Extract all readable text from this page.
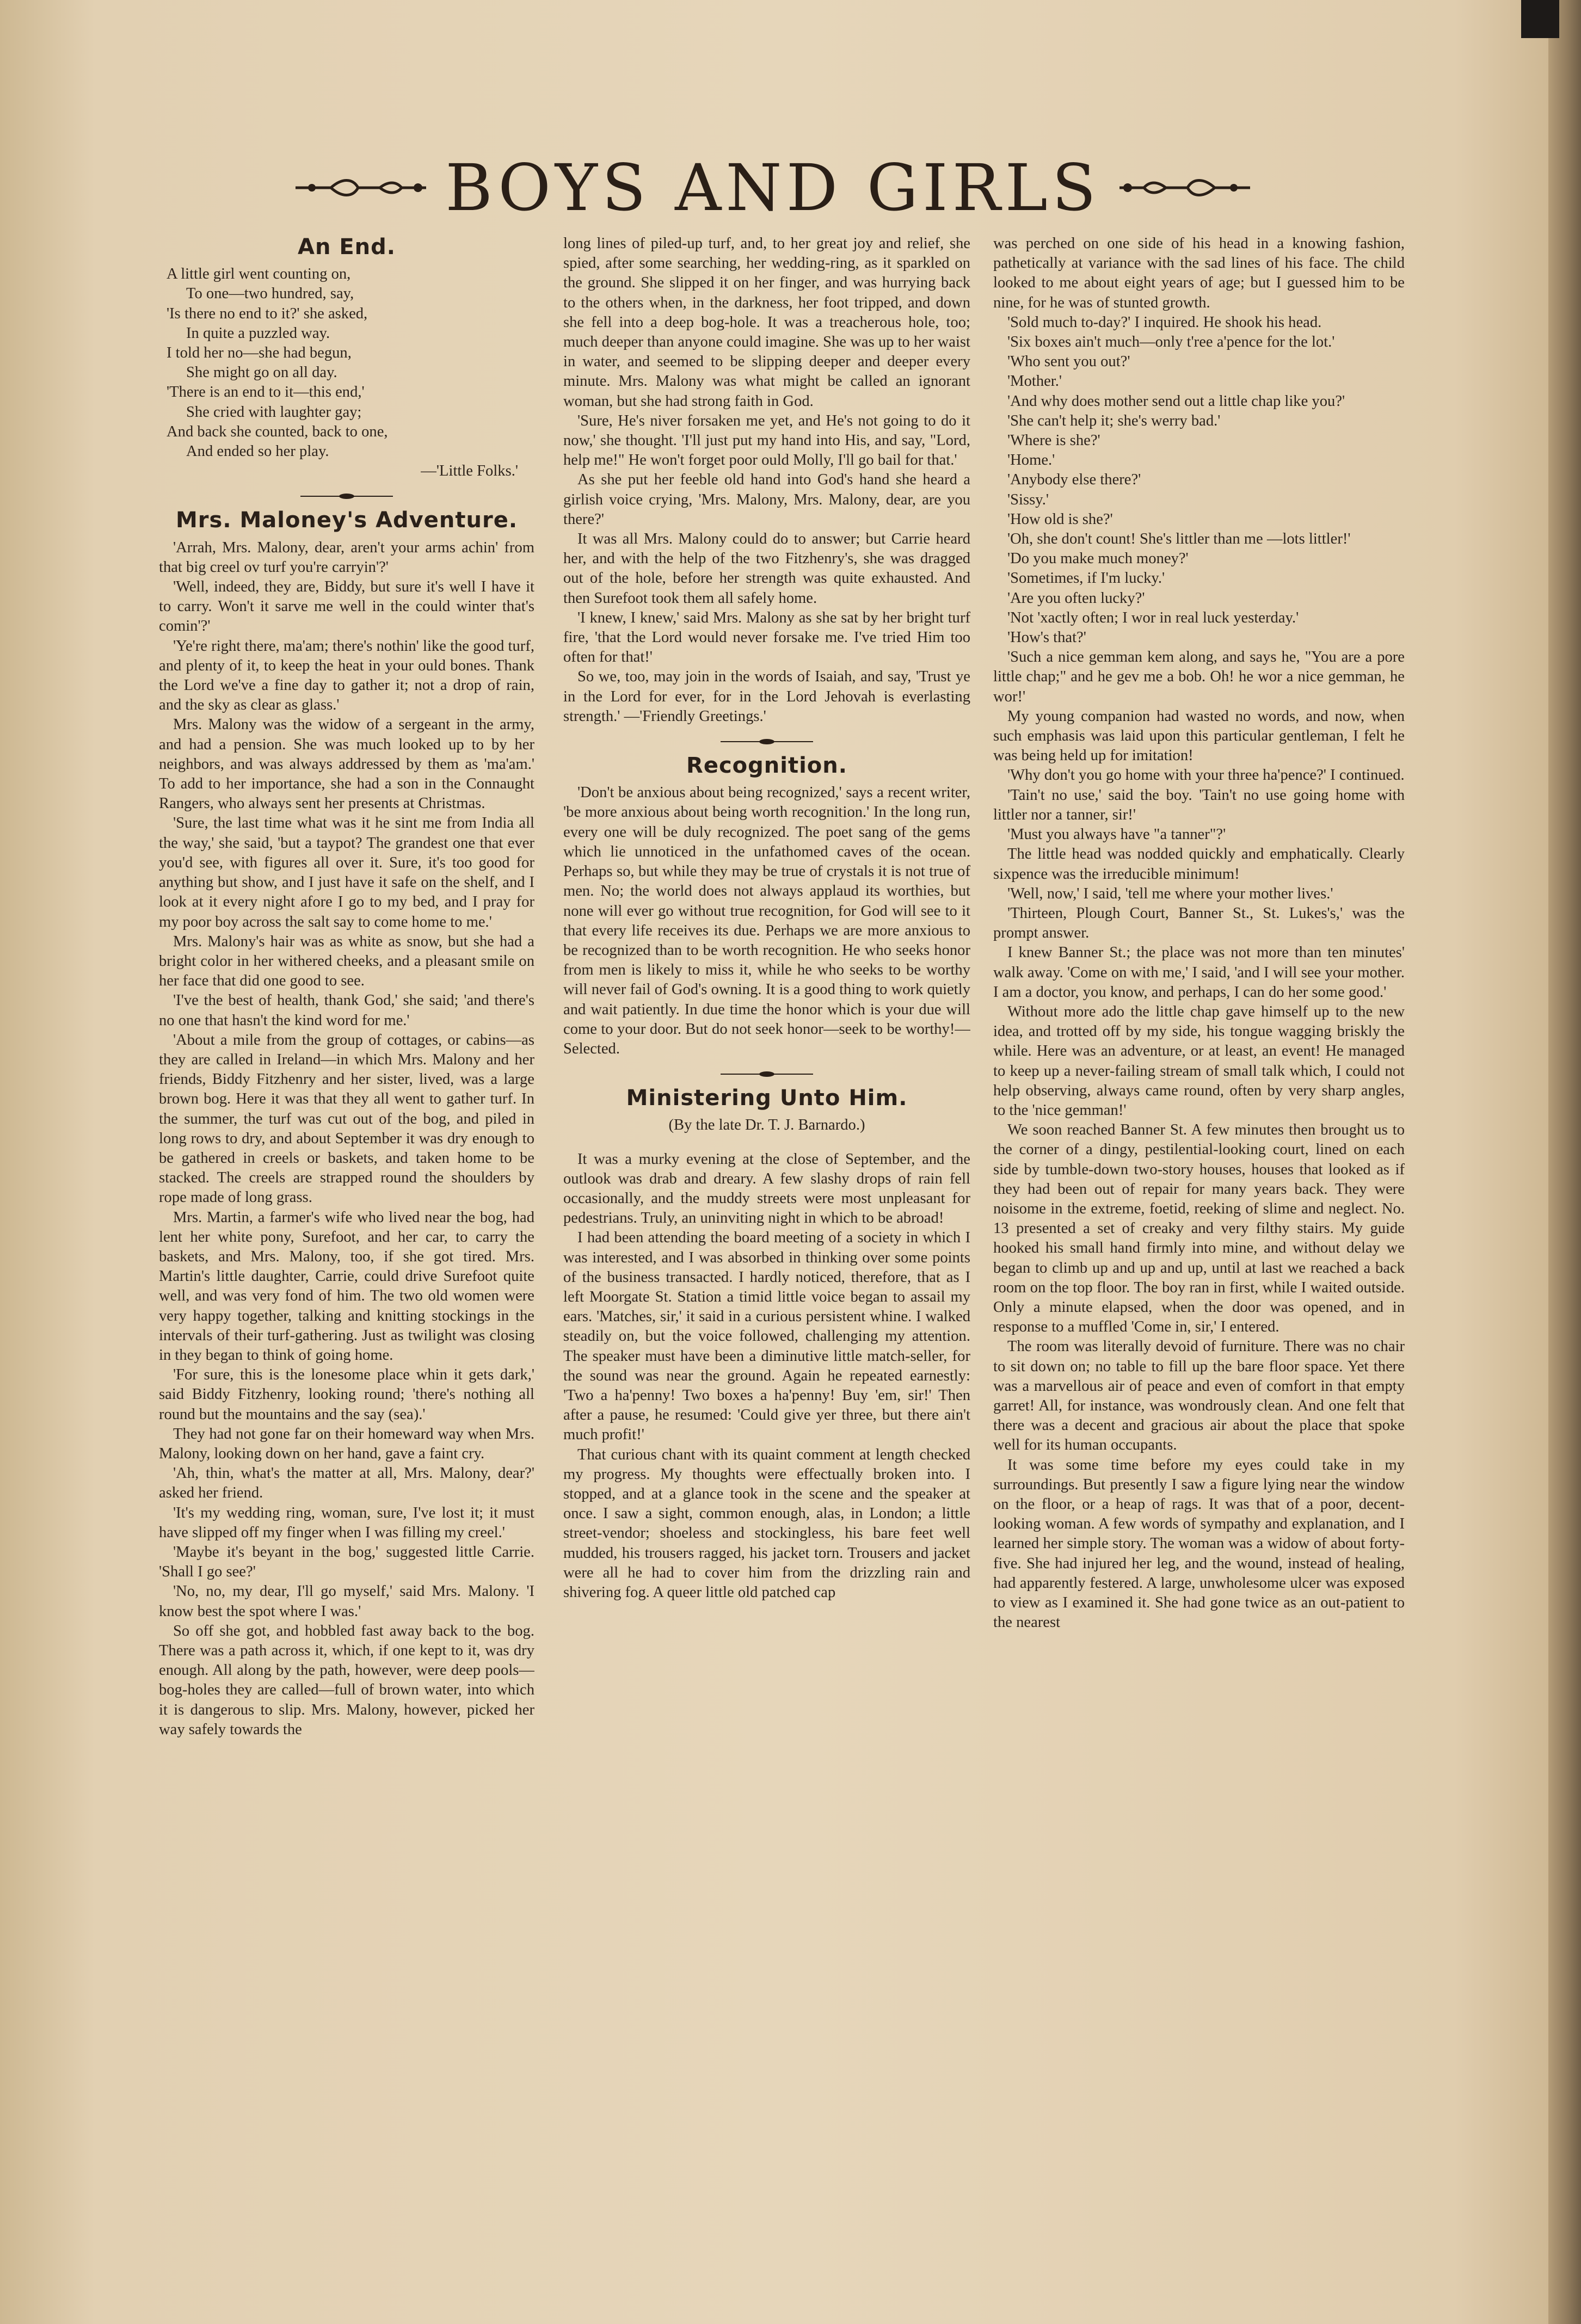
BOYS AND GIRLS
An End.
A little girl went counting on,
To one—two hundred, say,
'Is there no end to it?' she asked,
In quite a puzzled way.
I told her no—she had begun,
She might go on all day.
'There is an end to it—this end,'
She cried with laughter gay;
And back she counted, back to one,
And ended so her play.
—'Little Folks.'
Mrs. Maloney's Adventure.

'Arrah, Mrs. Malony, dear, aren't your arms achin' from that big creel ov turf you're carryin'?'

'Well, indeed, they are, Biddy, but sure it's well I have it to carry. Won't it sarve me well in the could winter that's comin'?'

'Ye're right there, ma'am; there's nothin' like the good turf, and plenty of it, to keep the heat in your ould bones. Thank the Lord we've a fine day to gather it; not a drop of rain, and the sky as clear as glass.'

Mrs. Malony was the widow of a sergeant in the army, and had a pension. She was much looked up to by her neighbors, and was always addressed by them as 'ma'am.' To add to her importance, she had a son in the Connaught Rangers, who always sent her presents at Christmas.

'Sure, the last time what was it he sint me from India all the way,' she said, 'but a taypot? The grandest one that ever you'd see, with figures all over it. Sure, it's too good for anything but show, and I just have it safe on the shelf, and I look at it every night afore I go to my bed, and I pray for my poor boy across the salt say to come home to me.'

Mrs. Malony's hair was as white as snow, but she had a bright color in her withered cheeks, and a pleasant smile on her face that did one good to see.

'I've the best of health, thank God,' she said; 'and there's no one that hasn't the kind word for me.'

'About a mile from the group of cottages, or cabins—as they are called in Ireland—in which Mrs. Malony and her friends, Biddy Fitzhenry and her sister, lived, was a large brown bog. Here it was that they all went to gather turf. In the summer, the turf was cut out of the bog, and piled in long rows to dry, and about September it was dry enough to be gathered in creels or baskets, and taken home to be stacked. The creels are strapped round the shoulders by rope made of long grass.

Mrs. Martin, a farmer's wife who lived near the bog, had lent her white pony, Surefoot, and her car, to carry the baskets, and Mrs. Malony, too, if she got tired. Mrs. Martin's little daughter, Carrie, could drive Surefoot quite well, and was very fond of him. The two old women were very happy together, talking and knitting stockings in the intervals of their turf-gathering. Just as twilight was closing in they began to think of going home.

'For sure, this is the lonesome place whin it gets dark,' said Biddy Fitzhenry, looking round; 'there's nothing all round but the mountains and the say (sea).'

They had not gone far on their homeward way when Mrs. Malony, looking down on her hand, gave a faint cry.

'Ah, thin, what's the matter at all, Mrs. Malony, dear?' asked her friend.

'It's my wedding ring, woman, sure, I've lost it; it must have slipped off my finger when I was filling my creel.'

'Maybe it's beyant in the bog,' suggested little Carrie. 'Shall I go see?'

'No, no, my dear, I'll go myself,' said Mrs. Malony. 'I know best the spot where I was.'

So off she got, and hobbled fast away back to the bog. There was a path across it, which, if one kept to it, was dry enough. All along by the path, however, were deep pools—bog-holes they are called—full of brown water, into which it is dangerous to slip. Mrs. Malony, however, picked her way safely towards the

long lines of piled-up turf, and, to her great joy and relief, she spied, after some searching, her wedding-ring, as it sparkled on the ground. She slipped it on her finger, and was hurrying back to the others when, in the darkness, her foot tripped, and down she fell into a deep bog-hole. It was a treacherous hole, too; much deeper than anyone could imagine. She was up to her waist in water, and seemed to be slipping deeper and deeper every minute. Mrs. Malony was what might be called an ignorant woman, but she had strong faith in God.

'Sure, He's niver forsaken me yet, and He's not going to do it now,' she thought. 'I'll just put my hand into His, and say, "Lord, help me!" He won't forget poor ould Molly, I'll go bail for that.'

As she put her feeble old hand into God's hand she heard a girlish voice crying, 'Mrs. Malony, Mrs. Malony, dear, are you there?'

It was all Mrs. Malony could do to answer; but Carrie heard her, and with the help of the two Fitzhenry's, she was dragged out of the hole, before her strength was quite exhausted. And then Surefoot took them all safely home.

'I knew, I knew,' said Mrs. Malony as she sat by her bright turf fire, 'that the Lord would never forsake me. I've tried Him too often for that!'

So we, too, may join in the words of Isaiah, and say, 'Trust ye in the Lord for ever, for in the Lord Jehovah is everlasting strength.' —'Friendly Greetings.'

Recognition.

'Don't be anxious about being recognized,' says a recent writer, 'be more anxious about being worth recognition.' In the long run, every one will be duly recognized. The poet sang of the gems which lie unnoticed in the unfathomed caves of the ocean. Perhaps so, but while they may be true of crystals it is not true of men. No; the world does not always applaud its worthies, but none will ever go without true recognition, for God will see to it that every life receives its due. Perhaps we are more anxious to be recognized than to be worth recognition. He who seeks honor from men is likely to miss it, while he who seeks to be worthy will never fail of God's owning. It is a good thing to work quietly and wait patiently. In due time the honor which is your due will come to your door. But do not seek honor—seek to be worthy!—Selected.

Ministering Unto Him.

(By the late Dr. T. J. Barnardo.)

It was a murky evening at the close of September, and the outlook was drab and dreary. A few slashy drops of rain fell occasionally, and the muddy streets were most unpleasant for pedestrians. Truly, an uninviting night in which to be abroad!

I had been attending the board meeting of a society in which I was interested, and I was absorbed in thinking over some points of the business transacted. I hardly noticed, therefore, that as I left Moorgate St. Station a timid little voice began to assail my ears. 'Matches, sir,' it said in a curious persistent whine. I walked steadily on, but the voice followed, challenging my attention. The speaker must have been a diminutive little match-seller, for the sound was near the ground. Again he repeated earnestly: 'Two a ha'penny! Two boxes a ha'penny! Buy 'em, sir!' Then after a pause, he resumed: 'Could give yer three, but there ain't much profit!'

That curious chant with its quaint comment at length checked my progress. My thoughts were effectually broken into. I stopped, and at a glance took in the scene and the speaker at once. I saw a sight, common enough, alas, in London; a little street-vendor; shoeless and stockingless, his bare feet well mudded, his trousers ragged, his jacket torn. Trousers and jacket were all he had to cover him from the drizzling rain and shivering fog. A queer little old patched cap

was perched on one side of his head in a knowing fashion, pathetically at variance with the sad lines of his face. The child looked to me about eight years of age; but I guessed him to be nine, for he was of stunted growth.

'Sold much to-day?' I inquired. He shook his head.

'Six boxes ain't much—only t'ree a'pence for the lot.'

'Who sent you out?'

'Mother.'

'And why does mother send out a little chap like you?'

'She can't help it; she's werry bad.'

'Where is she?'

'Home.'

'Anybody else there?'

'Sissy.'

'How old is she?'

'Oh, she don't count! She's littler than me —lots littler!'

'Do you make much money?'

'Sometimes, if I'm lucky.'

'Are you often lucky?'

'Not 'xactly often; I wor in real luck yesterday.'

'How's that?'

'Such a nice gemman kem along, and says he, "You are a pore little chap;" and he gev me a bob. Oh! he wor a nice gemman, he wor!'

My young companion had wasted no words, and now, when such emphasis was laid upon this particular gentleman, I felt he was being held up for imitation!

'Why don't you go home with your three ha'pence?' I continued.

'Tain't no use,' said the boy. 'Tain't no use going home with littler nor a tanner, sir!'

'Must you always have "a tanner"?'

The little head was nodded quickly and emphatically. Clearly sixpence was the irreducible minimum!

'Well, now,' I said, 'tell me where your mother lives.'

'Thirteen, Plough Court, Banner St., St. Lukes's,' was the prompt answer.

I knew Banner St.; the place was not more than ten minutes' walk away. 'Come on with me,' I said, 'and I will see your mother. I am a doctor, you know, and perhaps, I can do her some good.'

Without more ado the little chap gave himself up to the new idea, and trotted off by my side, his tongue wagging briskly the while. Here was an adventure, or at least, an event! He managed to keep up a never-failing stream of small talk which, I could not help observing, always came round, often by very sharp angles, to the 'nice gemman!'

We soon reached Banner St. A few minutes then brought us to the corner of a dingy, pestilential-looking court, lined on each side by tumble-down two-story houses, houses that looked as if they had been out of repair for many years back. They were noisome in the extreme, foetid, reeking of slime and neglect. No. 13 presented a set of creaky and very filthy stairs. My guide hooked his small hand firmly into mine, and without delay we began to climb up and up and up, until at last we reached a back room on the top floor. The boy ran in first, while I waited outside. Only a minute elapsed, when the door was opened, and in response to a muffled 'Come in, sir,' I entered.

The room was literally devoid of furniture. There was no chair to sit down on; no table to fill up the bare floor space. Yet there was a marvellous air of peace and even of comfort in that empty garret! All, for instance, was wondrously clean. And one felt that there was a decent and gracious air about the place that spoke well for its human occupants.

It was some time before my eyes could take in my surroundings. But presently I saw a figure lying near the window on the floor, or a heap of rags. It was that of a poor, decent-looking woman. A few words of sympathy and explanation, and I learned her simple story. The woman was a widow of about forty-five. She had injured her leg, and the wound, instead of healing, had apparently festered. A large, unwholesome ulcer was exposed to view as I examined it. She had gone twice as an out-patient to the nearest
